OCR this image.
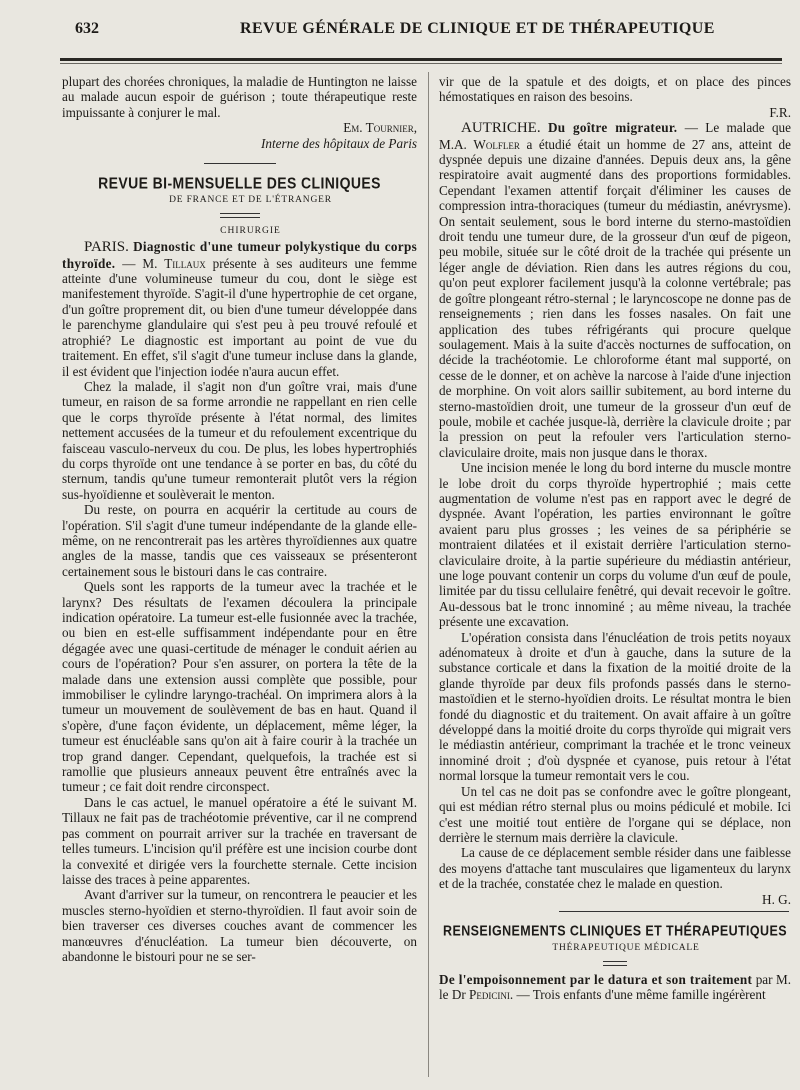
632	REVUE GÉNÉRALE DE CLINIQUE ET DE THÉRAPEUTIQUE

plupart des chorées chroniques, la maladie de Huntington ne laisse au malade aucun espoir de guérison ; toute thérapeutique reste impuissante à conjurer le mal.

Em. Tournier,

Interne des hôpitaux de Paris

REVUE BI-MENSUELLE DES CLINIQUES

DE FRANCE ET DE L'ÉTRANGER

CHIRURGIE

PARIS. Diagnostic d'une tumeur polykystique du corps thyroïde. — M. Tillaux présente à ses auditeurs une femme atteinte d'une volumineuse tumeur du cou, dont le siège est manifestement thyroïde. S'agit-il d'une hypertrophie de cet organe, d'un goître proprement dit, ou bien d'une tumeur développée dans le parenchyme glandulaire qui s'est peu à peu trouvé refoulé et atrophié? Le diagnostic est important au point de vue du traitement. En effet, s'il s'agit d'une tumeur incluse dans la glande, il est évident que l'injection iodée n'aura aucun effet.

Chez la malade, il s'agit non d'un goître vrai, mais d'une tumeur, en raison de sa forme arrondie ne rappellant en rien celle que le corps thyroïde présente à l'état normal, des limites nettement accusées de la tumeur et du refoulement excentrique du faisceau vasculo-nerveux du cou. De plus, les lobes hypertrophiés du corps thyroïde ont une tendance à se porter en bas, du côté du sternum, tandis qu'une tumeur remonterait plutôt vers la région sus-hyoïdienne et soulèverait le menton.

Du reste, on pourra en acquérir la certitude au cours de l'opération. S'il s'agit d'une tumeur indépendante de la glande elle-même, on ne rencontrerait pas les artères thyroïdiennes aux quatre angles de la masse, tandis que ces vaisseaux se présenteront certainement sous le bistouri dans le cas contraire.

Quels sont les rapports de la tumeur avec la trachée et le larynx? Des résultats de l'examen découlera la principale indication opératoire. La tumeur est-elle fusionnée avec la trachée, ou bien en est-elle suffisamment indépendante pour en être dégagée avec une quasi-certitude de ménager le conduit aérien au cours de l'opération? Pour s'en assurer, on portera la tête de la malade dans une extension aussi complète que possible, pour immobiliser le cylindre laryngo-trachéal. On imprimera alors à la tumeur un mouvement de soulèvement de bas en haut. Quand il s'opère, d'une façon évidente, un déplacement, même léger, la tumeur est énucléable sans qu'on ait à faire courir à la trachée un trop grand danger. Cependant, quelquefois, la trachée est si ramollie que plusieurs anneaux peuvent être entraînés avec la tumeur ; ce fait doit rendre circonspect.

Dans le cas actuel, le manuel opératoire a été le suivant M. Tillaux ne fait pas de trachéotomie préventive, car il ne comprend pas comment on pourrait arriver sur la trachée en traversant de telles tumeurs. L'incision qu'il préfère est une incision courbe dont la convexité et dirigée vers la fourchette sternale. Cette incision laisse des traces à peine apparentes.

Avant d'arriver sur la tumeur, on rencontrera le peaucier et les muscles sterno-hyoïdien et sterno-thyroïdien. Il faut avoir soin de bien traverser ces diverses couches avant de commencer les manœuvres d'énucléation. La tumeur bien découverte, on abandonne le bistouri pour ne se ser-

vir que de la spatule et des doigts, et on place des pinces hémostatiques en raison des besoins.

F.R.

AUTRICHE. Du goître migrateur. — Le malade que M.A. Wolfler a étudié était un homme de 27 ans, atteint de dyspnée depuis une dizaine d'années. Depuis deux ans, la gêne respiratoire avait augmenté dans des proportions formidables. Cependant l'examen attentif forçait d'éliminer les causes de compression intra-thoraciques (tumeur du médiastin, anévrysme). On sentait seulement, sous le bord interne du sterno-mastoïdien droit tendu une tumeur dure, de la grosseur d'un œuf de pigeon, peu mobile, située sur le côté droit de la trachée qui présente un léger angle de déviation. Rien dans les autres régions du cou, qu'on peut explorer facilement jusqu'à la colonne vertébrale; pas de goître plongeant rétro-sternal ; le laryncoscope ne donne pas de renseignements ; rien dans les fosses nasales. On fait une application des tubes réfrigérants qui procure quelque soulagement. Mais à la suite d'accès nocturnes de suffocation, on décide la trachéotomie. Le chloroforme étant mal supporté, on cesse de le donner, et on achève la narcose à l'aide d'une injection de morphine. On voit alors saillir subitement, au bord interne du sterno-mastoïdien droit, une tumeur de la grosseur d'un œuf de poule, mobile et cachée jusque-là, derrière la clavicule droite ; par la pression on peut la refouler vers l'articulation sterno-claviculaire droite, mais non jusque dans le thorax.

Une incision menée le long du bord interne du muscle montre le lobe droit du corps thyroïde hypertrophié ; mais cette augmentation de volume n'est pas en rapport avec le degré de dyspnée. Avant l'opération, les parties environnant le goître avaient paru plus grosses ; les veines de sa périphérie se montraient dilatées et il existait derrière l'articulation sterno-claviculaire droite, à la partie supérieure du médiastin antérieur, une loge pouvant contenir un corps du volume d'un œuf de poule, limitée par du tissu cellulaire fenêtré, qui devait recevoir le goître. Au-dessous bat le tronc innominé ; au même niveau, la trachée présente une excavation.

L'opération consista dans l'énucléation de trois petits noyaux adénomateux à droite et d'un à gauche, dans la suture de la substance corticale et dans la fixation de la moitié droite de la glande thyroïde par deux fils profonds passés dans le sterno-mastoïdien et le sterno-hyoïdien droits. Le résultat montra le bien fondé du diagnostic et du traitement. On avait affaire à un goître développé dans la moitié droite du corps thyroïde qui migrait vers le médiastin antérieur, comprimant la trachée et le tronc veineux innominé droit ; d'où dyspnée et cyanose, puis retour à l'état normal lorsque la tumeur remontait vers le cou.

Un tel cas ne doit pas se confondre avec le goître plongeant, qui est médian rétro sternal plus ou moins pédiculé et mobile. Ici c'est une moitié tout entière de l'organe qui se déplace, non derrière le sternum mais derrière la clavicule.

La cause de ce déplacement semble résider dans une faiblesse des moyens d'attache tant musculaires que ligamenteux du larynx et de la trachée, constatée chez le malade en question.

H. G.

RENSEIGNEMENTS CLINIQUES ET THÉRAPEUTIQUES

THÉRAPEUTIQUE MÉDICALE

De l'empoisonnement par le datura et son traitement par M. le Dr Pedicini. — Trois enfants d'une même famille ingérèrent
